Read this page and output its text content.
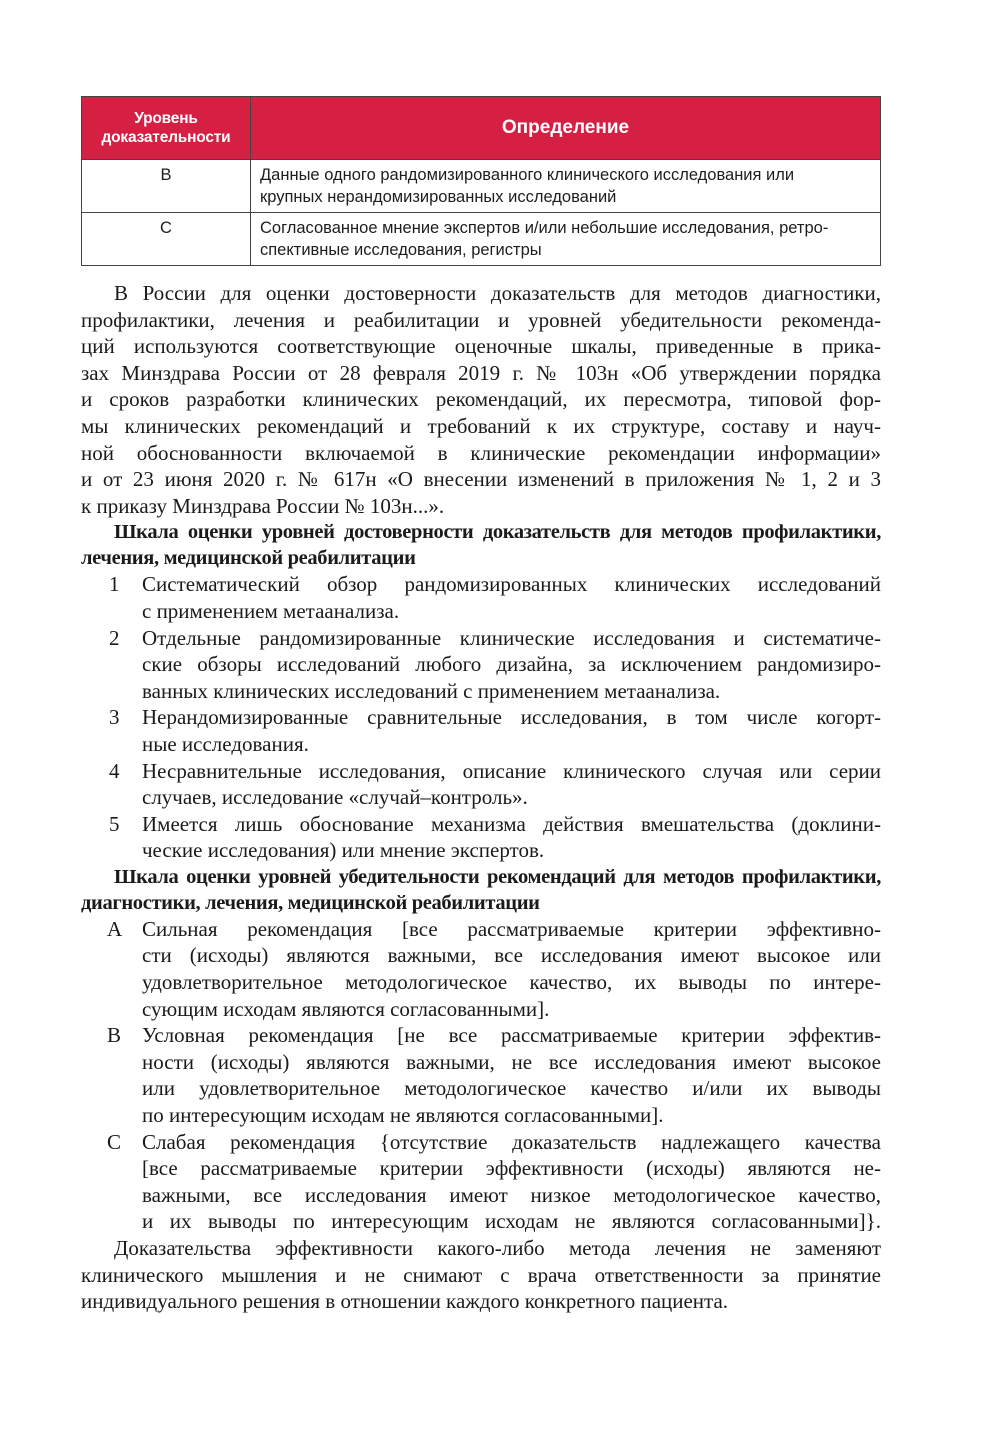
Уровень
доказательности	Определение
B	Данные одного рандомизированного клинического исследования или
крупных нерандомизированных исследований

C	Согласованное мнение экспертов и/или небольшие исследования, ретро-
спективные исследования, регистры
В России для оценки достоверности доказательств для методов диагностики,
профилактики, лечения и реабилитации и уровней убедительности рекоменда-
ций используются соответствующие оценочные шкалы, приведенные в прика-
зах Минздрава России от 28 февраля 2019 г. № 103н «Об утверждении порядка
и сроков разработки клинических рекомендаций, их пересмотра, типовой фор-
мы клинических рекомендаций и требований к их структуре, составу и науч-
ной обоснованности включаемой в клинические рекомендации информации»
и от 23 июня 2020 г. № 617н «О внесении изменений в приложения № 1, 2 и 3
к приказу Минздрава России № 103н...».
Шкала оценки уровней достоверности доказательств для методов профилактики,
лечения, медицинской реабилитации
1 Систематический обзор рандомизированных клинических исследований
с применением метаанализа.
2 Отдельные рандомизированные клинические исследования и систематиче-
ские обзоры исследований любого дизайна, за исключением рандомизиро-
ванных клинических исследований с применением метаанализа.
3 Нерандомизированные сравнительные исследования, в том числе когорт-
ные исследования.
4 Несравнительные исследования, описание клинического случая или серии
случаев, исследование «случай–контроль».
5 Имеется лишь обоснование механизма действия вмешательства (доклини-
ческие исследования) или мнение экспертов.
Шкала оценки уровней убедительности рекомендаций для методов профилактики,
диагностики, лечения, медицинской реабилитации
A Сильная рекомендация [все рассматриваемые критерии эффективно-
сти (исходы) являются важными, все исследования имеют высокое или
удовлетворительное методологическое качество, их выводы по интере-
сующим исходам являются согласованными].
B Условная рекомендация [не все рассматриваемые критерии эффектив-
ности (исходы) являются важными, не все исследования имеют высокое
или удовлетворительное методологическое качество и/или их выводы
по интересующим исходам не являются согласованными].
C Слабая рекомендация {отсутствие доказательств надлежащего качества
[все рассматриваемые критерии эффективности (исходы) являются не-
важными, все исследования имеют низкое методологическое качество,
и их выводы по интересующим исходам не являются согласованными]}.
Доказательства эффективности какого-либо метода лечения не заменяют
клинического мышления и не снимают с врача ответственности за принятие
индивидуального решения в отношении каждого конкретного пациента.
